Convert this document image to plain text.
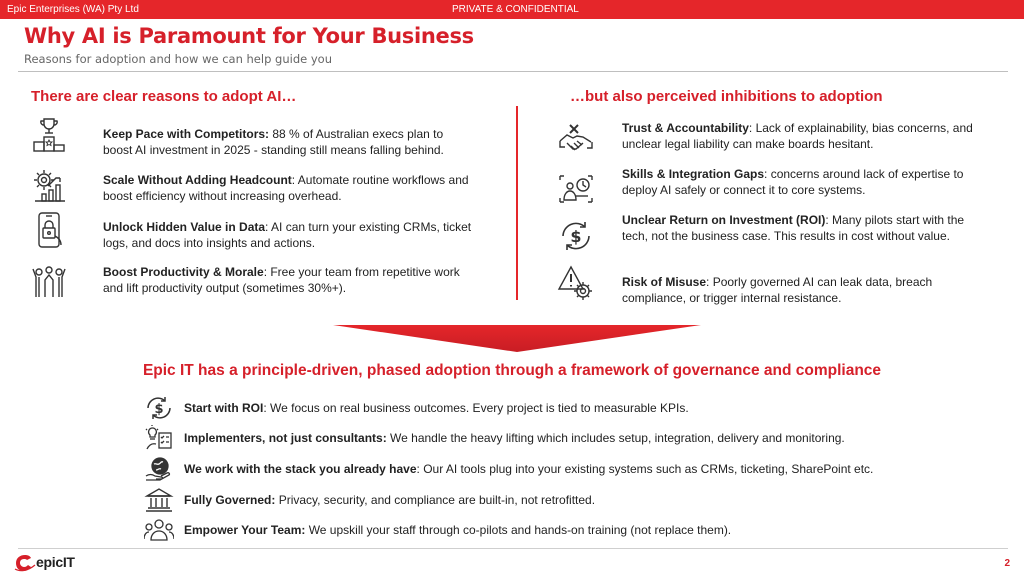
Epic Enterprises (WA) Pty Ltd	PRIVATE & CONFIDENTIAL
Why AI is Paramount for Your Business
Reasons for adoption and how we can help guide you
There are clear reasons to adopt AI…	…but also perceived inhibitions to adoption
Keep Pace with Competitors: 88 % of Australian execs plan to boost AI investment in 2025 - standing still means falling behind.
Scale Without Adding Headcount: Automate routine workflows and boost efficiency without increasing overhead.
Unlock Hidden Value in Data: AI can turn your existing CRMs, ticket logs, and docs into insights and actions.
Boost Productivity & Morale: Free your team from repetitive work and lift productivity output (sometimes 30%+).
Trust & Accountability: Lack of explainability, bias concerns, and unclear legal liability can make boards hesitant.
Skills & Integration Gaps: concerns around lack of expertise to deploy AI safely or connect it to core systems.
$
Unclear Return on Investment (ROI): Many pilots start with the tech, not the business case. This results in cost without value.
Risk of Misuse: Poorly governed AI can leak data, breach compliance, or trigger internal resistance.
Epic IT has a principle-driven, phased adoption through a framework of governance and compliance
$ Start with ROI: We focus on real business outcomes. Every project is tied to measurable KPIs.
Implementers, not just consultants: We handle the heavy lifting which includes setup, integration, delivery and monitoring.
We work with the stack you already have: Our AI tools plug into your existing systems such as CRMs, ticketing, SharePoint etc.
Fully Governed: Privacy, security, and compliance are built-in, not retrofitted.
Empower Your Team: We upskill your staff through co-pilots and hands-on training (not replace them).
epicIT	2
